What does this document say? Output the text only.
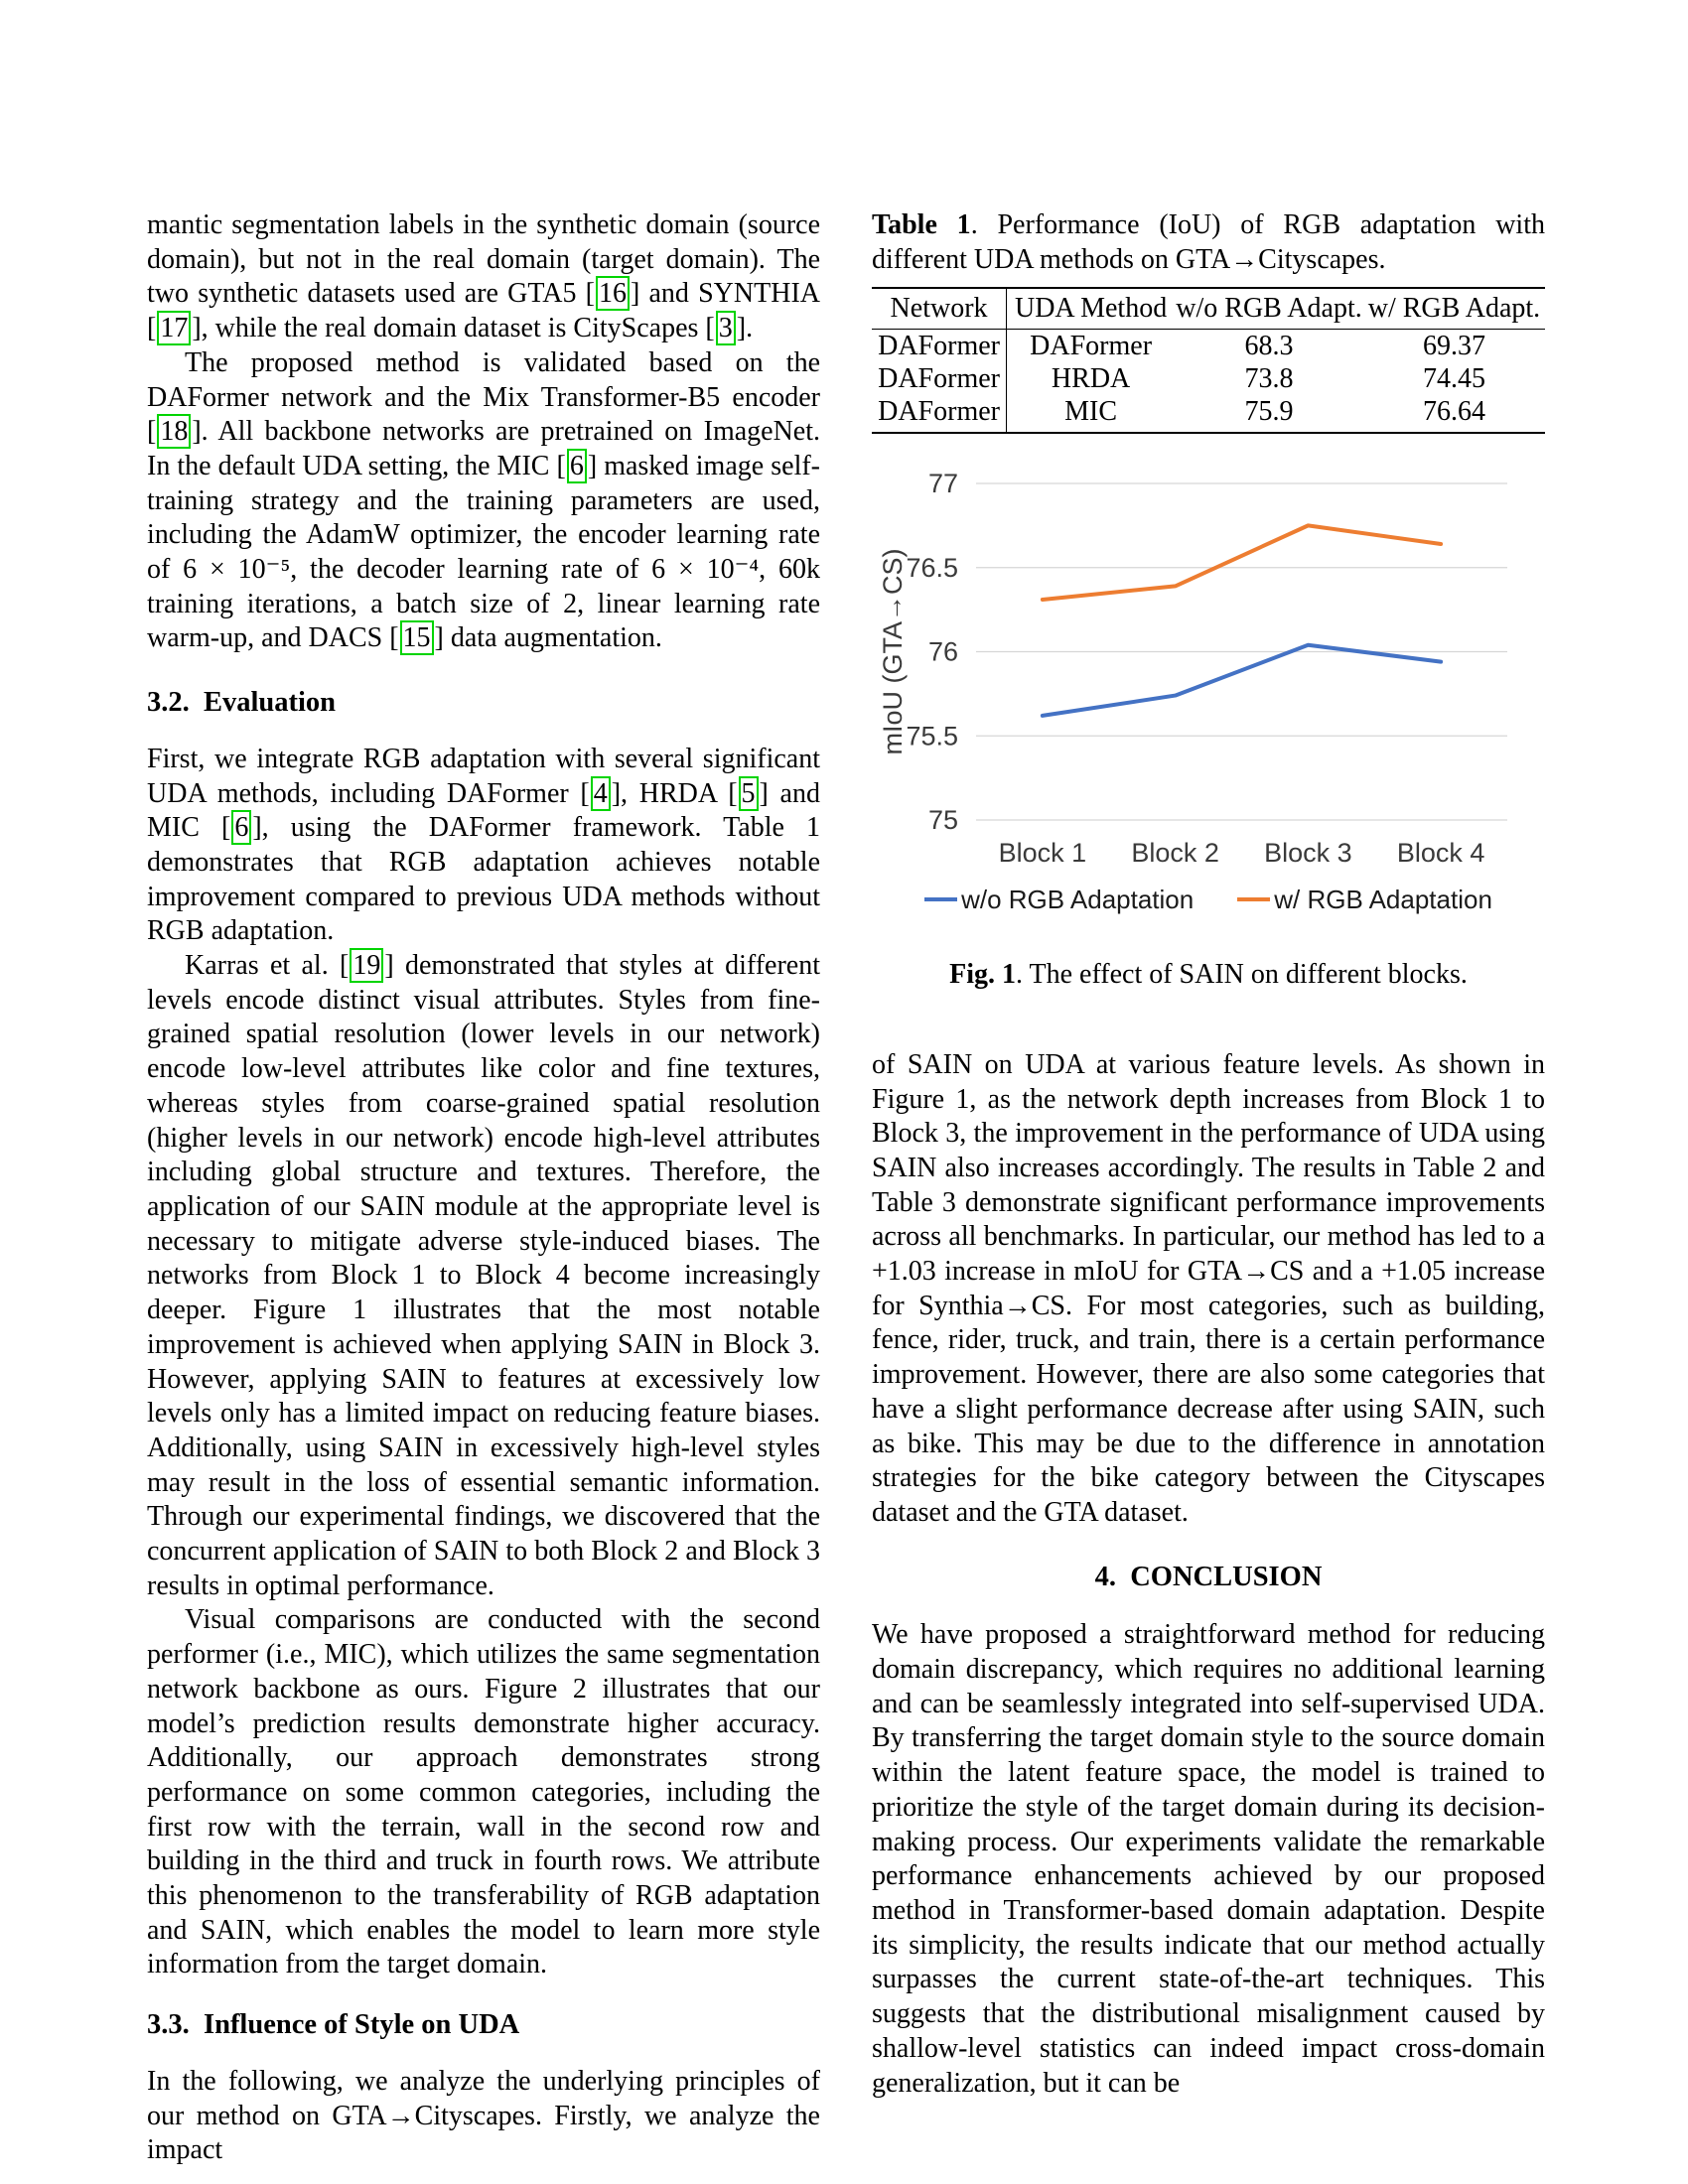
mantic segmentation labels in the synthetic domain (source domain), but not in the real domain (target domain). The two synthetic datasets used are GTA5 [ 16 ] and SYNTHIA [ 17 ], while the real domain dataset is CityScapes [ 3 ].

The proposed method is validated based on the DAFormer network and the Mix Transformer-B5 encoder [ 18 ]. All backbone networks are pretrained on ImageNet. In the default UDA setting, the MIC [ 6 ] masked image self-training strategy and the training parameters are used, including the AdamW optimizer, the encoder learning rate of 6 × 10⁻⁵, the decoder learning rate of 6 × 10⁻⁴, 60k training iterations, a batch size of 2, linear learning rate warm-up, and DACS [ 15 ] data augmentation.

3.2.  Evaluation

First, we integrate RGB adaptation with several significant UDA methods, including DAFormer [ 4 ], HRDA [ 5 ] and MIC [ 6 ], using the DAFormer framework. Table 1 demonstrates that RGB adaptation achieves notable improvement compared to previous UDA methods without RGB adaptation.

Karras et al. [ 19 ] demonstrated that styles at different levels encode distinct visual attributes. Styles from fine-grained spatial resolution (lower levels in our network) encode low-level attributes like color and fine textures, whereas styles from coarse-grained spatial resolution (higher levels in our network) encode high-level attributes including global structure and textures. Therefore, the application of our SAIN module at the appropriate level is necessary to mitigate adverse style-induced biases. The networks from Block 1 to Block 4 become increasingly deeper. Figure 1 illustrates that the most notable improvement is achieved when applying SAIN in Block 3. However, applying SAIN to features at excessively low levels only has a limited impact on reducing feature biases. Additionally, using SAIN in excessively high-level styles may result in the loss of essential semantic information. Through our experimental findings, we discovered that the concurrent application of SAIN to both Block 2 and Block 3 results in optimal performance.

Visual comparisons are conducted with the second performer (i.e., MIC), which utilizes the same segmentation network backbone as ours. Figure 2 illustrates that our model’s prediction results demonstrate higher accuracy. Additionally, our approach demonstrates strong performance on some common categories, including the first row with the terrain, wall in the second row and building in the third and truck in fourth rows. We attribute this phenomenon to the transferability of RGB adaptation and SAIN, which enables the model to learn more style information from the target domain.

3.3.  Influence of Style on UDA

In the following, we analyze the underlying principles of our method on GTA→Cityscapes. Firstly, we analyze the impact

Table 1. Performance (IoU) of RGB adaptation with different UDA methods on GTA→Cityscapes.

Network	UDA Method	w/o RGB Adapt.	w/ RGB Adapt.
DAFormer	DAFormer	68.3	69.37
DAFormer	HRDA	73.8	74.45
DAFormer	MIC	75.9	76.64
75
75.5
76
76.5
77
Block 1 Block 2 Block 3 Block 4
mIoU (GTA→CS)
w/o RGB Adaptation	w/ RGB Adaptation

Fig. 1. The effect of SAIN on different blocks.

of SAIN on UDA at various feature levels. As shown in Figure 1, as the network depth increases from Block 1 to Block 3, the improvement in the performance of UDA using SAIN also increases accordingly. The results in Table 2 and Table 3 demonstrate significant performance improvements across all benchmarks. In particular, our method has led to a +1.03 increase in mIoU for GTA→CS and a +1.05 increase for Synthia→CS. For most categories, such as building, fence, rider, truck, and train, there is a certain performance improvement. However, there are also some categories that have a slight performance decrease after using SAIN, such as bike. This may be due to the difference in annotation strategies for the bike category between the Cityscapes dataset and the GTA dataset.

4.  CONCLUSION

We have proposed a straightforward method for reducing domain discrepancy, which requires no additional learning and can be seamlessly integrated into self-supervised UDA. By transferring the target domain style to the source domain within the latent feature space, the model is trained to prioritize the style of the target domain during its decision-making process. Our experiments validate the remarkable performance enhancements achieved by our proposed method in Transformer-based domain adaptation. Despite its simplicity, the results indicate that our method actually surpasses the current state-of-the-art techniques. This suggests that the distributional misalignment caused by shallow-level statistics can indeed impact cross-domain generalization, but it can be
